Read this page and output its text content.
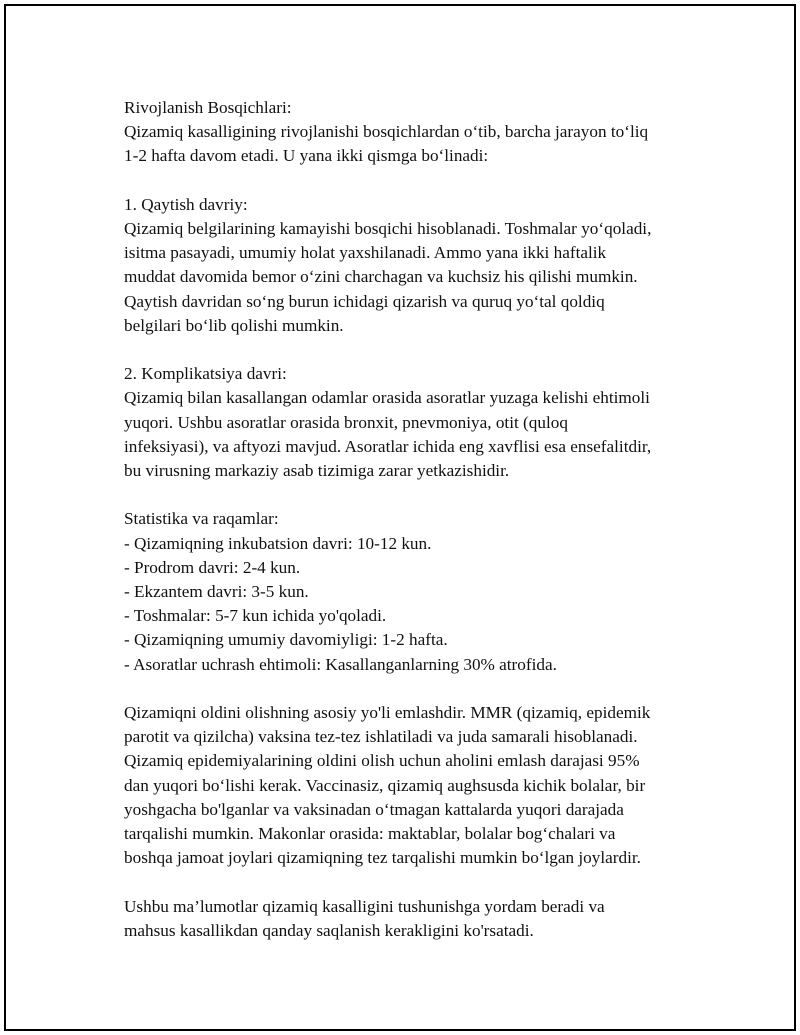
Rivojlanish Bosqichlari:
Qizamiq kasalligining rivojlanishi bosqichlardan o‘tib, barcha jarayon to‘liq
1-2 hafta davom etadi. U yana ikki qismga bo‘linadi:
1. Qaytish davriy:
Qizamiq belgilarining kamayishi bosqichi hisoblanadi. Toshmalar yo‘qoladi,
isitma pasayadi, umumiy holat yaxshilanadi. Ammo yana ikki haftalik
muddat davomida bemor o‘zini charchagan va kuchsiz his qilishi mumkin.
Qaytish davridan so‘ng burun ichidagi qizarish va quruq yo‘tal qoldiq
belgilari bo‘lib qolishi mumkin.
2. Komplikatsiya davri:
Qizamiq bilan kasallangan odamlar orasida asoratlar yuzaga kelishi ehtimoli
yuqori. Ushbu asoratlar orasida bronxit, pnevmoniya, otit (quloq
infeksiyasi), va aftyozi mavjud. Asoratlar ichida eng xavflisi esa ensefalitdir,
bu virusning markaziy asab tizimiga zarar yetkazishidir.
Statistika va raqamlar:
- Qizamiqning inkubatsion davri: 10-12 kun.
- Prodrom davri: 2-4 kun.
- Ekzantem davri: 3-5 kun.
- Toshmalar: 5-7 kun ichida yo'qoladi.
- Qizamiqning umumiy davomiyligi: 1-2 hafta.
- Asoratlar uchrash ehtimoli: Kasallanganlarning 30% atrofida.
Qizamiqni oldini olishning asosiy yo'li emlashdir. MMR (qizamiq, epidemik
parotit va qizilcha) vaksina tez-tez ishlatiladi va juda samarali hisoblanadi.
Qizamiq epidemiyalarining oldini olish uchun aholini emlash darajasi 95%
dan yuqori bo‘lishi kerak. Vaccinasiz, qizamiq aughsusda kichik bolalar, bir
yoshgacha bo'lganlar va vaksinadan o‘tmagan kattalarda yuqori darajada
tarqalishi mumkin. Makonlar orasida: maktablar, bolalar bog‘chalari va
boshqa jamoat joylari qizamiqning tez tarqalishi mumkin bo‘lgan joylardir.
Ushbu ma’lumotlar qizamiq kasalligini tushunishga yordam beradi va
mahsus kasallikdan qanday saqlanish kerakligini ko'rsatadi.
